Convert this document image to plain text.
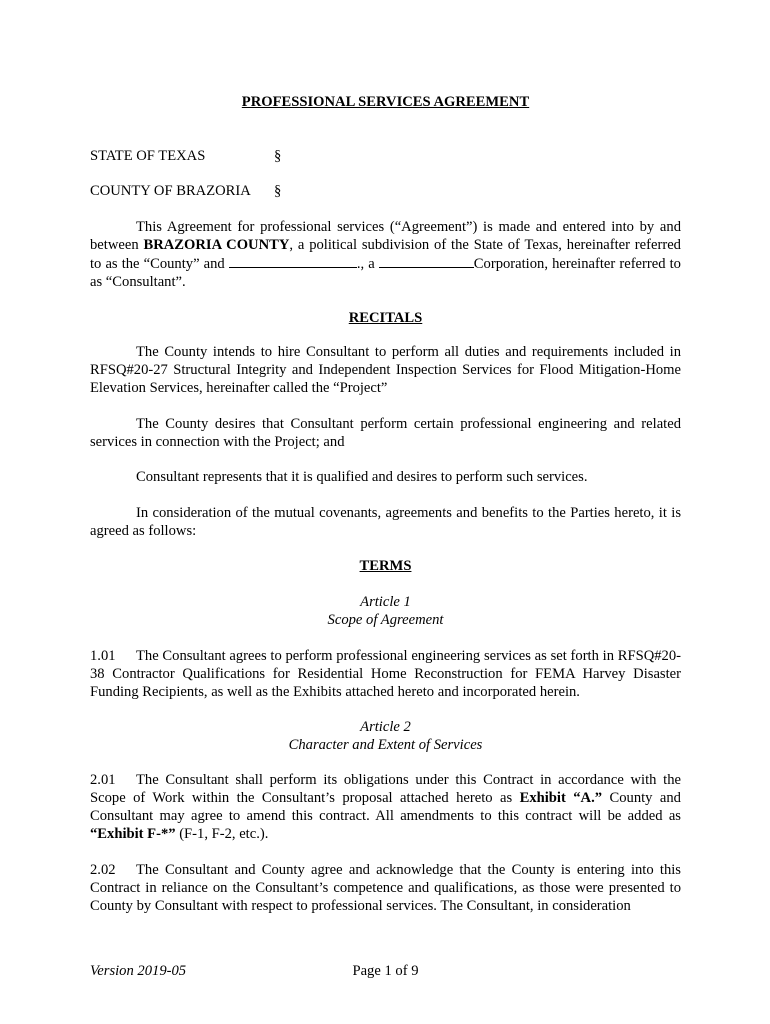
PROFESSIONAL SERVICES AGREEMENT
STATE OF TEXAS	§
COUNTY OF BRAZORIA §

This Agreement for professional services (“Agreement”) is made and entered into by and between BRAZORIA COUNTY, a political subdivision of the State of Texas, hereinafter referred to as the “County” and	., a	Corporation, hereinafter referred to as “Consultant”.

RECITALS

The County intends to hire Consultant to perform all duties and requirements included in RFSQ#20-27 Structural Integrity and Independent Inspection Services for Flood Mitigation-Home Elevation Services, hereinafter called the “Project”

The County desires that Consultant perform certain professional engineering and related services in connection with the Project; and

Consultant represents that it is qualified and desires to perform such services.

In consideration of the mutual covenants, agreements and benefits to the Parties hereto, it is agreed as follows:

TERMS
Article 1
Scope of Agreement

1.01 The Consultant agrees to perform professional engineering services as set forth in RFSQ#20-38 Contractor Qualifications for Residential Home Reconstruction for FEMA Harvey Disaster Funding Recipients, as well as the Exhibits attached hereto and incorporated herein.

Article 2
Character and Extent of Services

2.01 The Consultant shall perform its obligations under this Contract in accordance with the Scope of Work within the Consultant’s proposal attached hereto as Exhibit “A.” County and Consultant may agree to amend this contract. All amendments to this contract will be added as “Exhibit F-*” (F-1, F-2, etc.).

2.02 The Consultant and County agree and acknowledge that the County is entering into this Contract in reliance on the Consultant’s competence and qualifications, as those were presented to County by Consultant with respect to professional services. The Consultant, in consideration

Version 2019-05	Page 1 of 9
